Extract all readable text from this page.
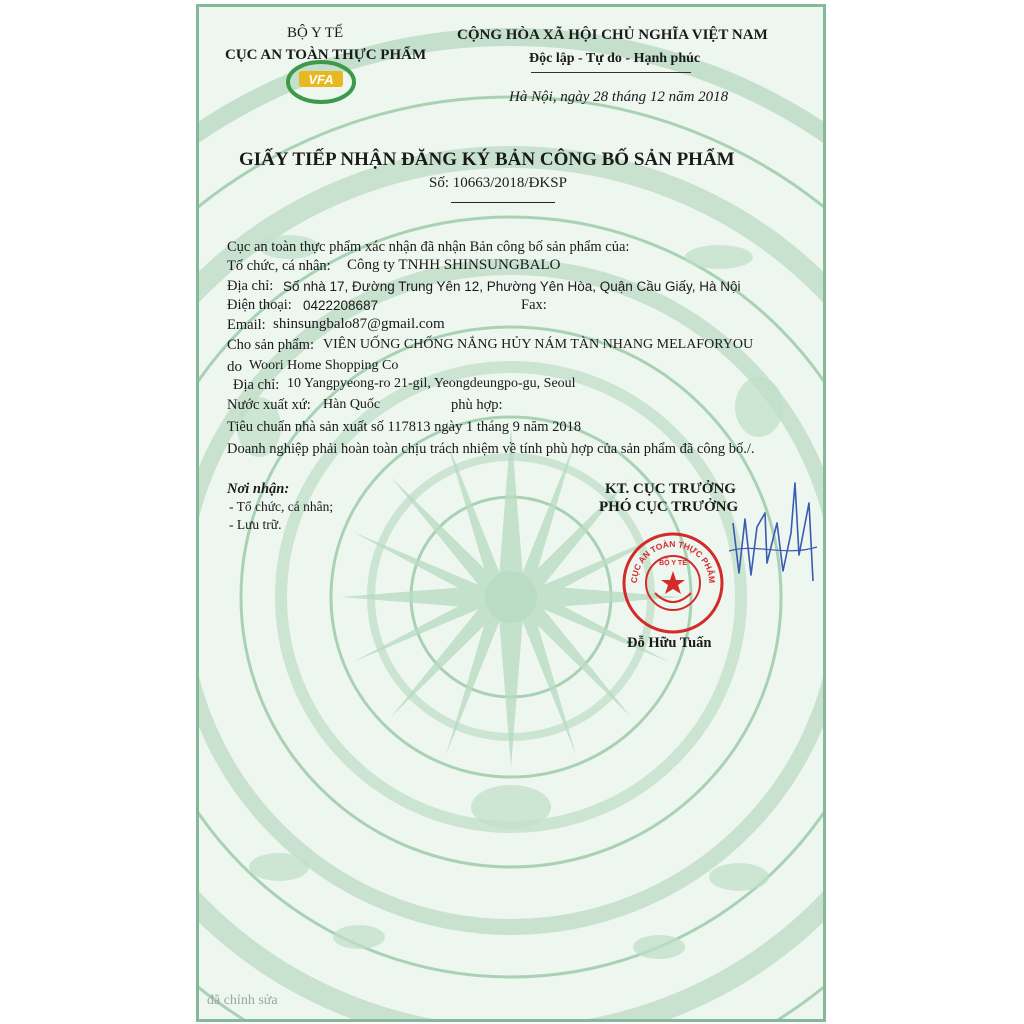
BỘ Y TẾ
CỤC AN TOÀN THỰC PHẨM
VFA
CỘNG HÒA XÃ HỘI CHỦ NGHĨA VIỆT NAM
Độc lập - Tự do - Hạnh phúc
Hà Nội, ngày 28 tháng 12 năm 2018
GIẤY TIẾP NHẬN ĐĂNG KÝ BẢN CÔNG BỐ SẢN PHẨM
Số: 10663/2018/ĐKSP
Cục an toàn thực phẩm xác nhận đã nhận Bản công bố sản phẩm của:
Tổ chức, cá nhân: Công ty TNHH SHINSUNGBALO
Địa chỉ: Số nhà 17, Đường Trung Yên 12, Phường Yên Hòa, Quận Cầu Giấy, Hà Nội
Điện thoại: 0422208687	Fax:
Email: shinsungbalo87@gmail.com
Cho sản phẩm: VIÊN UỐNG CHỐNG NẮNG HỦY NÁM TÀN NHANG MELAFORYOU
do Woori Home Shopping Co
Địa chỉ: 10 Yangpyeong-ro 21-gil, Yeongdeungpo-gu, Seoul
Nước xuất xứ: Hàn Quốc	phù hợp:
Tiêu chuẩn nhà sản xuất số 117813 ngày 1 tháng 9 năm 2018
Doanh nghiệp phải hoàn toàn chịu trách nhiệm về tính phù hợp của sản phẩm đã công bố./.
Nơi nhận:
- Tổ chức, cá nhân;
- Lưu trữ.
KT. CỤC TRƯỞNG
PHÓ CỤC TRƯỞNG
CỤC AN TOÀN THỰC PHẨM
BỘ Y TẾ
Đỗ Hữu Tuấn
đã chỉnh sửa
